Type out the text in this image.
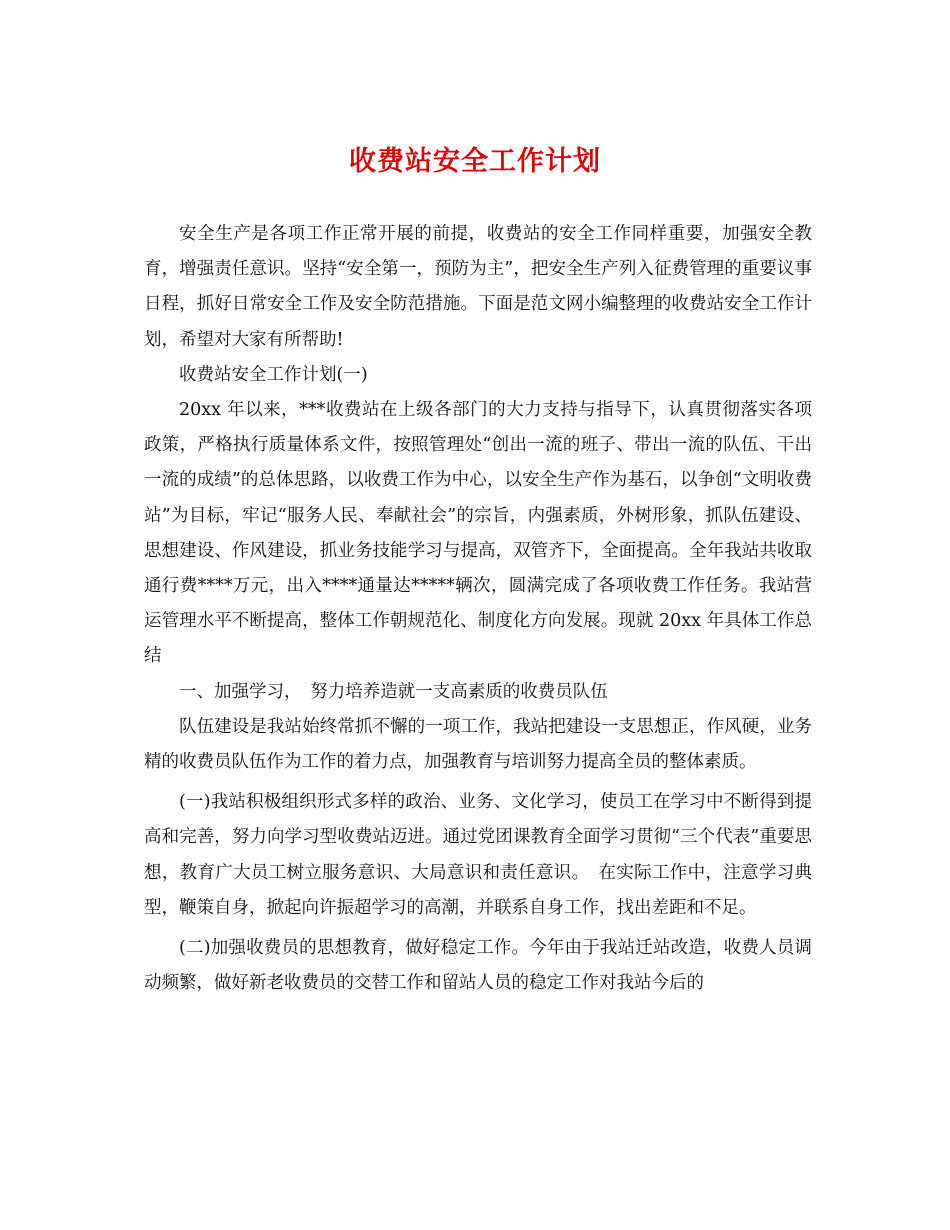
收费站安全工作计划

安全生产是各项工作正常开展的前提，收费站的安全工作同样重要，加强安全教育，增强责任意识。坚持“安全第一，预防为主”，把安全生产列入征费管理的重要议事日程，抓好日常安全工作及安全防范措施。下面是范文网小编整理的收费站安全工作计划，希望对大家有所帮助!

收费站安全工作计划(一)

20xx 年以来，***收费站在上级各部门的大力支持与指导下，认真贯彻落实各项政策，严格执行质量体系文件，按照管理处“创出一流的班子、带出一流的队伍、干出一流的成绩”的总体思路，以收费工作为中心，以安全生产作为基石，以争创“文明收费站”为目标，牢记“服务人民、奉献社会”的宗旨，内强素质，外树形象，抓队伍建设、思想建设、作风建设，抓业务技能学习与提高，双管齐下，全面提高。全年我站共收取通行费****万元，出入****通量达*****辆次，圆满完成了各项收费工作任务。我站营运管理水平不断提高，整体工作朝规范化、制度化方向发展。现就 20xx 年具体工作总结

一、加强学习，　努力培养造就一支高素质的收费员队伍

队伍建设是我站始终常抓不懈的一项工作，我站把建设一支思想正，作风硬，业务精的收费员队伍作为工作的着力点，加强教育与培训努力提高全员的整体素质。

(一)我站积极组织形式多样的政治、业务、文化学习，使员工在学习中不断得到提高和完善，努力向学习型收费站迈进。通过党团课教育全面学习贯彻“三个代表”重要思想，教育广大员工树立服务意识、大局意识和责任意识。　在实际工作中，注意学习典型，鞭策自身，掀起向许振超学习的高潮，并联系自身工作，找出差距和不足。

(二)加强收费员的思想教育，做好稳定工作。今年由于我站迁站改造，收费人员调动频繁，做好新老收费员的交替工作和留站人员的稳定工作对我站今后的
